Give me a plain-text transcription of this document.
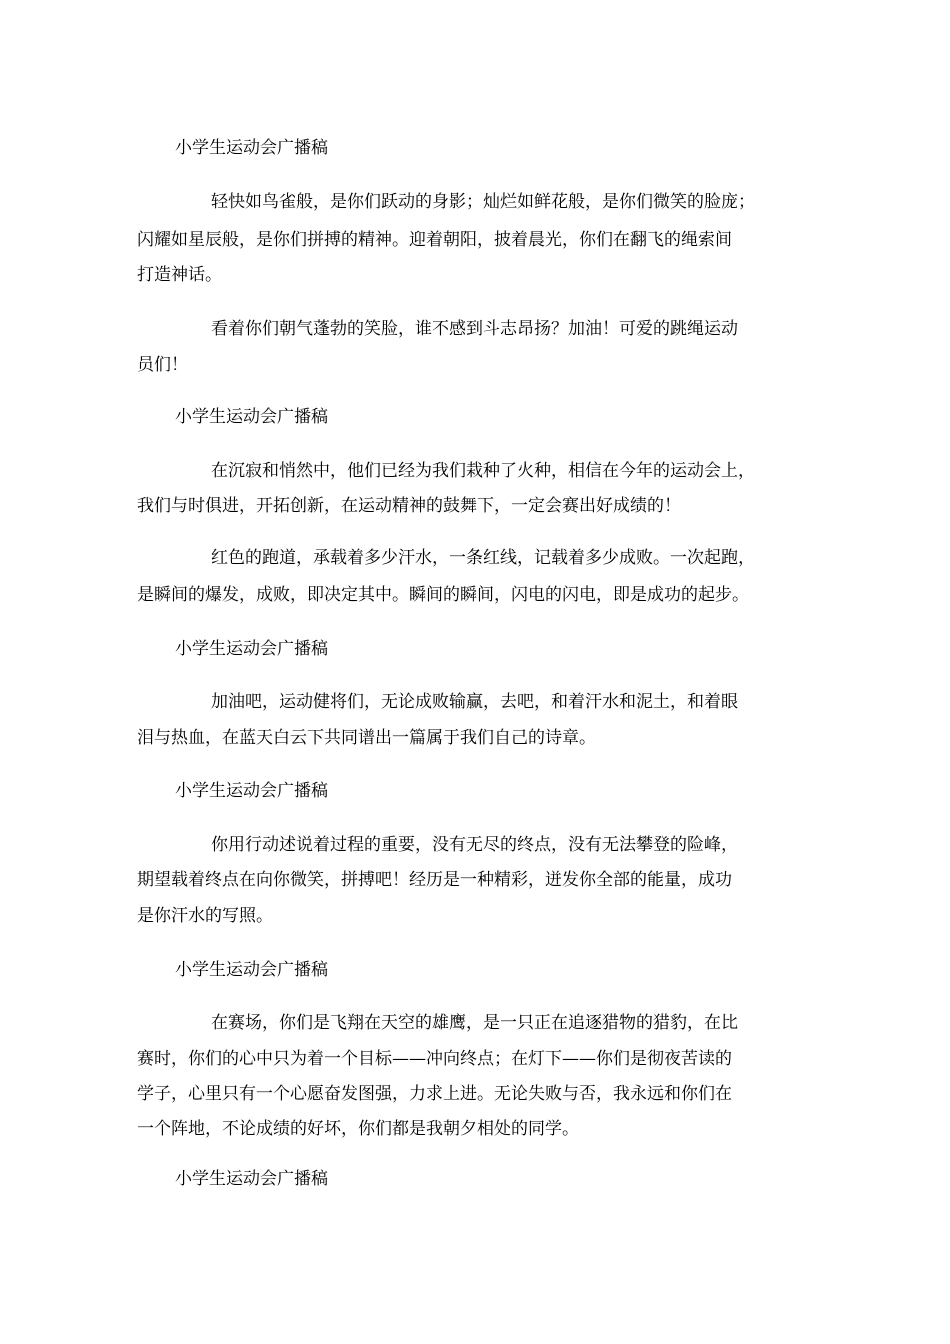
小学生运动会广播稿
轻快如鸟雀般，是你们跃动的身影；灿烂如鲜花般，是你们微笑的脸庞；
闪耀如星辰般，是你们拼搏的精神。迎着朝阳，披着晨光，你们在翻飞的绳索间
打造神话。
看着你们朝气蓬勃的笑脸，谁不感到斗志昂扬？加油！可爱的跳绳运动
员们！
小学生运动会广播稿
在沉寂和悄然中，他们已经为我们栽种了火种，相信在今年的运动会上，
我们与时俱进，开拓创新，在运动精神的鼓舞下，一定会赛出好成绩的！
红色的跑道，承载着多少汗水，一条红线，记载着多少成败。一次起跑，
是瞬间的爆发，成败，即决定其中。瞬间的瞬间，闪电的闪电，即是成功的起步。
小学生运动会广播稿
加油吧，运动健将们，无论成败输赢，去吧，和着汗水和泥土，和着眼
泪与热血，在蓝天白云下共同谱出一篇属于我们自己的诗章。
小学生运动会广播稿
你用行动述说着过程的重要，没有无尽的终点，没有无法攀登的险峰，
期望载着终点在向你微笑，拼搏吧！经历是一种精彩，迸发你全部的能量，成功
是你汗水的写照。
小学生运动会广播稿
在赛场，你们是飞翔在天空的雄鹰，是一只正在追逐猎物的猎豹，在比
赛时，你们的心中只为着一个目标——冲向终点；在灯下——你们是彻夜苦读的
学子，心里只有一个心愿奋发图强，力求上进。无论失败与否，我永远和你们在
一个阵地，不论成绩的好坏，你们都是我朝夕相处的同学。
小学生运动会广播稿
